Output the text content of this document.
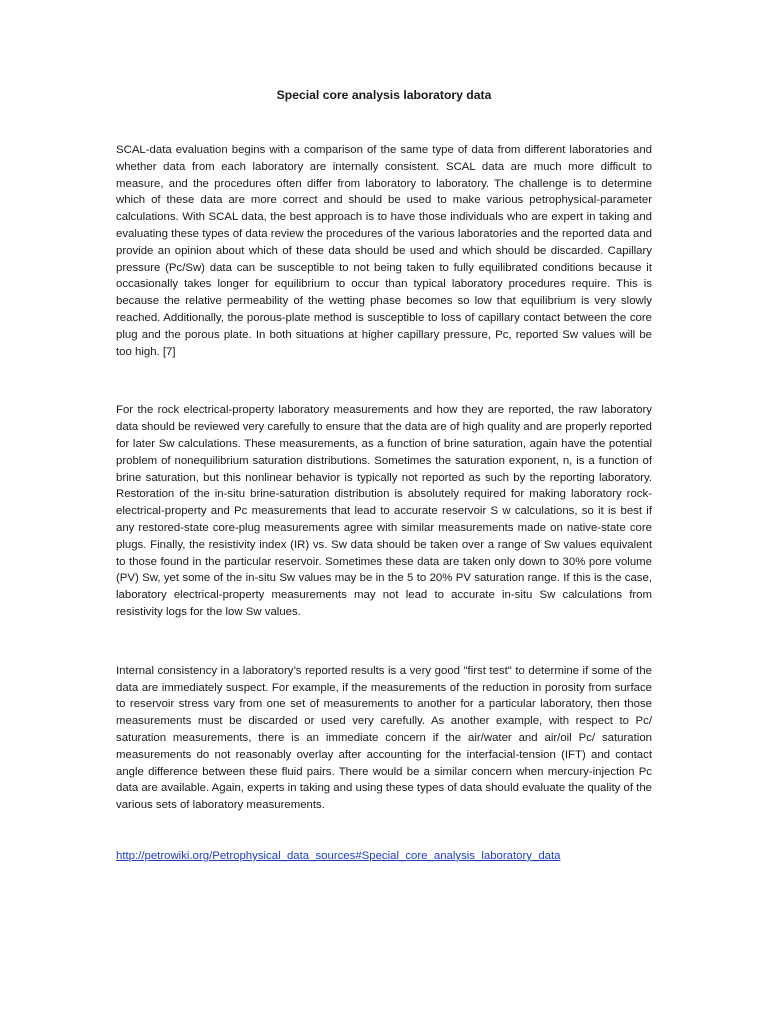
Special core analysis laboratory data

SCAL-data evaluation begins with a comparison of the same type of data from different laboratories and whether data from each laboratory are internally consistent. SCAL data are much more difficult to measure, and the procedures often differ from laboratory to laboratory. The challenge is to determine which of these data are more correct and should be used to make various petrophysical-parameter calculations. With SCAL data, the best approach is to have those individuals who are expert in taking and evaluating these types of data review the procedures of the various laboratories and the reported data and provide an opinion about which of these data should be used and which should be discarded. Capillary pressure (Pc/Sw) data can be susceptible to not being taken to fully equilibrated conditions because it occasionally takes longer for equilibrium to occur than typical laboratory procedures require. This is because the relative permeability of the wetting phase becomes so low that equilibrium is very slowly reached. Additionally, the porous-plate method is susceptible to loss of capillary contact between the core plug and the porous plate. In both situations at higher capillary pressure, Pc, reported Sw values will be too high. [7]

For the rock electrical-property laboratory measurements and how they are reported, the raw laboratory data should be reviewed very carefully to ensure that the data are of high quality and are properly reported for later Sw calculations. These measurements, as a function of brine saturation, again have the potential problem of nonequilibrium saturation distributions. Sometimes the saturation exponent, n, is a function of brine saturation, but this nonlinear behavior is typically not reported as such by the reporting laboratory. Restoration of the in-situ brine-saturation distribution is absolutely required for making laboratory rock-electrical-property and Pc measurements that lead to accurate reservoir S w calculations, so it is best if any restored-state core-plug measurements agree with similar measurements made on native-state core plugs. Finally, the resistivity index (IR) vs. Sw data should be taken over a range of Sw values equivalent to those found in the particular reservoir. Sometimes these data are taken only down to 30% pore volume (PV) Sw, yet some of the in-situ Sw values may be in the 5 to 20% PV saturation range. If this is the case, laboratory electrical-property measurements may not lead to accurate in-situ Sw calculations from resistivity logs for the low Sw values.

Internal consistency in a laboratory’s reported results is a very good "first test" to determine if some of the data are immediately suspect. For example, if the measurements of the reduction in porosity from surface to reservoir stress vary from one set of measurements to another for a particular laboratory, then those measurements must be discarded or used very carefully. As another example, with respect to Pc/ saturation measurements, there is an immediate concern if the air/water and air/oil Pc/ saturation measurements do not reasonably overlay after accounting for the interfacial-tension (IFT) and contact angle difference between these fluid pairs. There would be a similar concern when mercury-injection Pc data are available. Again, experts in taking and using these types of data should evaluate the quality of the various sets of laboratory measurements.

http://petrowiki.org/Petrophysical_data_sources#Special_core_analysis_laboratory_data
